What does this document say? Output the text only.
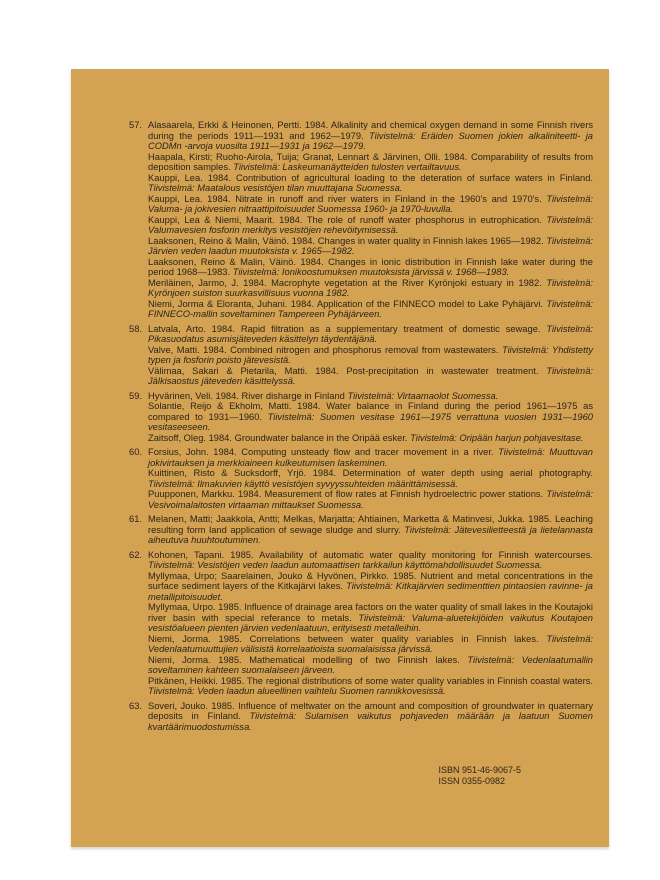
57. Alasaarela, Erkki & Heinonen, Pertti. 1984. Alkalinity and chemical oxygen demand in some Finnish rivers during the periods 1911—1931 and 1962—1979. Tiivistelmä: Eräiden Suomen jokien alkaliniteetti- ja CODMn -arvoja vuosilta 1911—1931 ja 1962—1979.
Haapala, Kirsti; Ruoho-Airola, Tuija; Granat, Lennart & Järvinen, Olli. 1984. Comparability of results from deposition samples. Tiivistelmä: Laskeumanäytteiden tulosten vertailtavuus.
Kauppi, Lea. 1984. Contribution of agricultural loading to the deteration of surface waters in Finland. Tiivistelmä: Maatalous vesistöjen tilan muuttajana Suomessa.
Kauppi, Lea. 1984. Nitrate in runoff and river waters in Finland in the 1960's and 1970's. Tiivistelmä: Valuma- ja jokivesien nitraattipitoisuudet Suomessa 1960- ja 1970-luvulla.
Kauppi, Lea & Niemi, Maarit. 1984. The role of runoff water phosphorus in eutrophication. Tiivistelmä: Valumavesien fosforin merkitys vesistöjen rehevöitymisessä.
Laaksonen, Reino & Malin, Väinö. 1984. Changes in water quality in Finnish lakes 1965—1982. Tiivistelmä: Järvien veden laadun muutoksista v. 1965—1982.
Laaksonen, Reino & Malin, Väinö. 1984. Changes in ionic distribution in Finnish lake water during the period 1968—1983. Tiivistelmä: Ionikoostumuksen muutoksista järvissä v. 1968—1983.
Meriläinen, Jarmo, J. 1984. Macrophyte vegetation at the River Kyrönjoki estuary in 1982. Tiivistelmä: Kyrönjoen suiston suurkasvillisuus vuonna 1982.
Niemi, Jorma & Eloranta, Juhani. 1984. Application of the FINNECO model to Lake Pyhäjärvi. Tiivistelmä: FINNECO-mallin soveltaminen Tampereen Pyhäjärveen.
58. Latvala, Arto. 1984. Rapid filtration as a supplementary treatment of domestic sewage. Tiivistelmä: Pikasuodatus asumisjäteveden käsittelyn täydentäjänä.
Valve, Matti. 1984. Combined nitrogen and phosphorus removal from wastewaters. Tiivistelmä: Yhdistetty typen ja fosforin poisto jätevesistä.
Välimaa, Sakari & Pietarila, Matti. 1984. Post-precipitation in wastewater treatment. Tiivistelmä: Jälkisaostus jäteveden käsittelyssä.
59. Hyvärinen, Veli. 1984. River disharge in Finland Tiivistelmä: Virtaamaolot Suomessa.
Solantie, Reijo & Ekholm, Matti. 1984. Water balance in Finland during the period 1961—1975 as compared to 1931—1960. Tiivistelmä: Suomen vesitase 1961—1975 verrattuna vuosien 1931—1960 vesitaseeseen.
Zaitsoff, Oleg. 1984. Groundwater balance in the Oripää esker. Tiivistelmä: Oripään harjun pohjavesitase.
60. Forsius, John. 1984. Computing unsteady flow and tracer movement in a river. Tiivistelmä: Muuttuvan jokivirtauksen ja merkkiaineen kulkeutumisen laskeminen.
Kuittinen, Risto & Sucksdorff, Yrjö. 1984. Determination of water depth using aerial photography. Tiivistelmä: Ilmakuvien käyttö vesistöjen syvyyssuhteiden määrittämisessä.
Puupponen, Markku. 1984. Measurement of flow rates at Finnish hydroelectric power stations. Tiivistelmä: Vesivoimalaitosten virtaaman mittaukset Suomessa.
61. Melanen, Matti; Jaakkola, Antti; Melkas, Marjatta; Ahtiainen, Marketta & Matinvesi, Jukka. 1985. Leaching resulting form land application of sewage sludge and slurry. Tiivistelmä: Jätevesilietteestä ja lietelannasta aiheutuva huuhtoutuminen.
62. Kohonen, Tapani. 1985. Availability of automatic water quality monitoring for Finnish watercourses. Tiivistelmä: Vesistöjen veden laadun automaattisen tarkkailun käyttömahdollisuudet Suomessa.
Myllymaa, Urpo; Saarelainen, Jouko & Hyvönen, Pirkko. 1985. Nutrient and metal concentrations in the surface sediment layers of the Kitkajärvi lakes. Tiivistelmä: Kitkajärvien sedimenttien pintaosien ravinne- ja metallipitoisuudet.
Myllymaa, Urpo. 1985. Influence of drainage area factors on the water quality of small lakes in the Koutajoki river basin with special referance to metals. Tiivistelmä: Valuma-aluetekijöiden vaikutus Koutajoen vesistöalueen pienten järvien vedenlaatuun, erityisesti metalleihin.
Niemi, Jorma. 1985. Correlations between water quality variables in Finnish lakes. Tiivistelmä: Vedenlaatumuuttujien välisistä korrelaatioista suomalaisissa järvissä.
Niemi, Jorma. 1985. Mathematical modelling of two Finnish lakes. Tiivistelmä: Vedenlaatumallin soveltaminen kahteen suomalaiseen järveen.
Pitkänen, Heikki. 1985. The regional distributions of some water quality variables in Finnish coastal waters. Tiivistelmä: Veden laadun alueellinen vaihtelu Suomen rannikkovesissä.
63. Soveri, Jouko. 1985. Influence of meltwater on the amount and composition of groundwater in quaternary deposits in Finland. Tiivistelmä: Sulamisen vaikutus pohjaveden määrään ja laatuun Suomen kvartäärimuodostumissa.
ISBN 951-46-9067-5
ISSN 0355-0982
